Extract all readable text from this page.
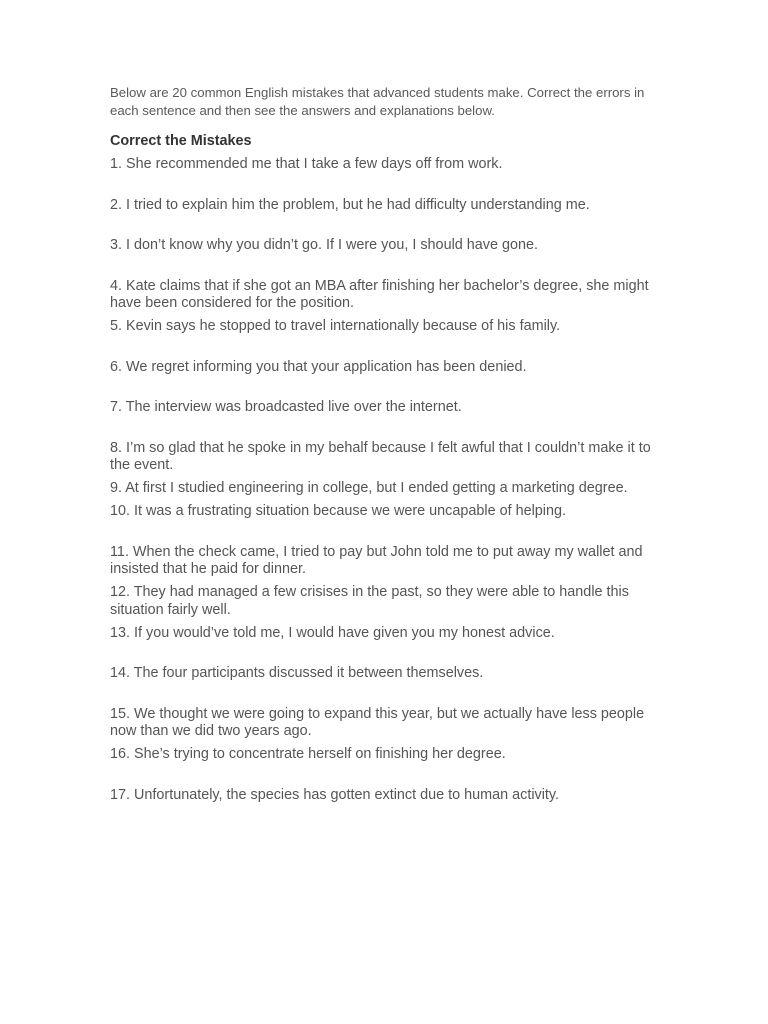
Below are 20 common English mistakes that advanced students make. Correct the errors in each sentence and then see the answers and explanations below.

Correct the Mistakes
1. She recommended me that I take a few days off from work.
2. I tried to explain him the problem, but he had difficulty understanding me.
3. I don’t know why you didn’t go. If I were you, I should have gone.
4. Kate claims that if she got an MBA after finishing her bachelor’s degree, she might have been considered for the position.
5. Kevin says he stopped to travel internationally because of his family.
6. We regret informing you that your application has been denied.
7. The interview was broadcasted live over the internet.
8. I’m so glad that he spoke in my behalf because I felt awful that I couldn’t make it to the event.
9. At first I studied engineering in college, but I ended getting a marketing degree.
10. It was a frustrating situation because we were uncapable of helping.
11. When the check came, I tried to pay but John told me to put away my wallet and insisted that he paid for dinner.
12. They had managed a few crisises in the past, so they were able to handle this situation fairly well.
13. If you would’ve told me, I would have given you my honest advice.
14. The four participants discussed it between themselves.
15. We thought we were going to expand this year, but we actually have less people now than we did two years ago.
16. She’s trying to concentrate herself on finishing her degree.
17. Unfortunately, the species has gotten extinct due to human activity.
